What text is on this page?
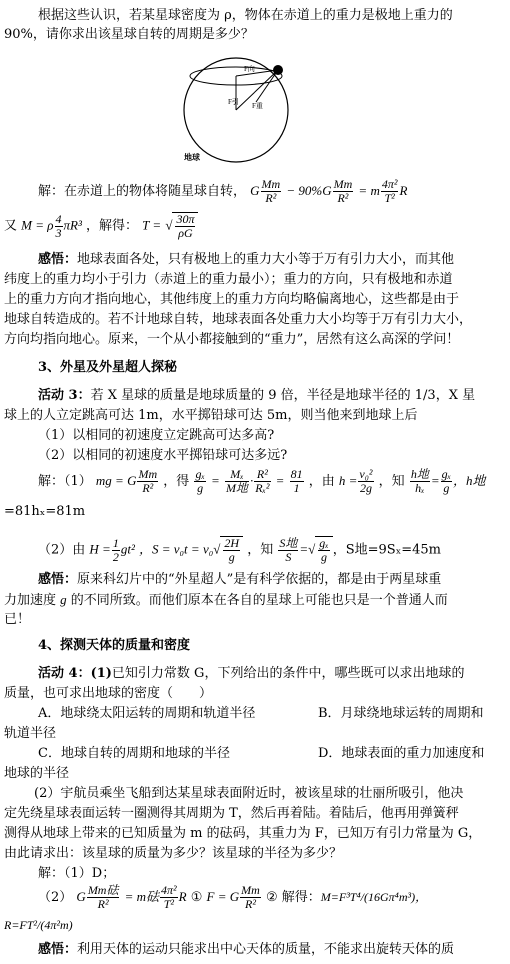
根据这些认识，若某星球密度为 ρ，物体在赤道上的重力是极地上重力的
90%，请你求出该星球自转的周期是多少？
F向
F引 F重
地球
解：在赤道上的物体将随星球自转， G $\frac{Mm}{\text{R²}} - 90\%G \frac{Mm}{\text{R²}} = m \frac{\text{4π²}}{\text{T²}}$ R
又 M = ρ $\frac{4}{3} \pi R^3$ ，解得： T = √ $\frac{30\pi}{\rho G}$
感悟：地球表面各处，只有极地上的重力大小等于万有引力大小，而其他
纬度上的重力均小于引力（赤道上的重力最小）；重力的方向，只有极地和赤道
上的重力方向才指向地心，其他纬度上的重力方向均略偏离地心，这些都是由于
地球自转造成的。若不计地球自转，地球表面各处重力大小均等于万有引力大小，
方向均指向地心。原来，一个从小都接触到的“重力”，居然有这么高深的学问！
3、外星及外星超人探秘
活动 3：若 X 星球的质量是地球质量的 9 倍，半径是地球半径的 1/3，X 星
球上的人立定跳高可达 1m，水平掷铅球可达 5m，则当他来到地球上后
（1）以相同的初速度立定跳高可达多高?
（2）以相同的初速度水平掷铅球可达多远?
解：（1） mg = G $\frac{Mm}{\text{R²}}$ ，得 $\frac{\text{gₓ}}{g} = \frac{\text{Mₓ}}{\text{M地}} \cdot \frac{\text{R²}}{\text{Rₓ²}} = \frac{81}{1}$ ，由 $h = \frac{\text{v₀²}}{2g}$ ，知 $\frac{\text{h地}}{\text{hₓ}} = \frac{\text{gₓ}}{g}$ ，h地
=81hₓ=81m
（2）由 $H = \frac{1}{2} gt^2$ ，$S = v_0t = v_0√ \frac{2H}{g}$ ，知 $\frac{\text{S地}}{S}$ =√ $\frac{\text{gₓ}}{g}$ ，S地=9Sₓ=45m
感悟：原来科幻片中的“外星超人”是有科学依据的，都是由于两星球重
力加速度 g 的不同所致。而他们原本在各自的星球上可能也只是一个普通人而
已！
4、探测天体的质量和密度
活动 4：(1)已知引力常数 G，下列给出的条件中，哪些既可以求出地球的
质量，也可求出地球的密度（　　）
A．地球绕太阳运转的周期和轨道半径	B．月球绕地球运转的周期和
轨道半径
C．地球自转的周期和地球的半径	D．地球表面的重力加速度和
地球的半径
(2）宇航员乘坐飞船到达某星球表面附近时，被该星球的壮丽所吸引，他决
定先绕星球表面运转一圈测得其周期为 T，然后再着陆。着陆后，他再用弹簧秤
测得从地球上带来的已知质量为 m 的砝码，其重力为 F，已知万有引力常量为 G，
由此请求出：该星球的质量为多少？该星球的半径为多少？
解：（1）D；
（2） G $\frac{\text{Mm砝}}{\text{R²}} = m$砝 $\frac{\text{4π²}}{\text{T²}}$ R ① F = G $\frac{Mm}{\text{R²}}$ ② 解得：M=F³T⁴/(16Gπ⁴m³)，
R=FT²/(4π²m)
感悟：利用天体的运动只能求出中心天体的质量，不能求出旋转天体的质
